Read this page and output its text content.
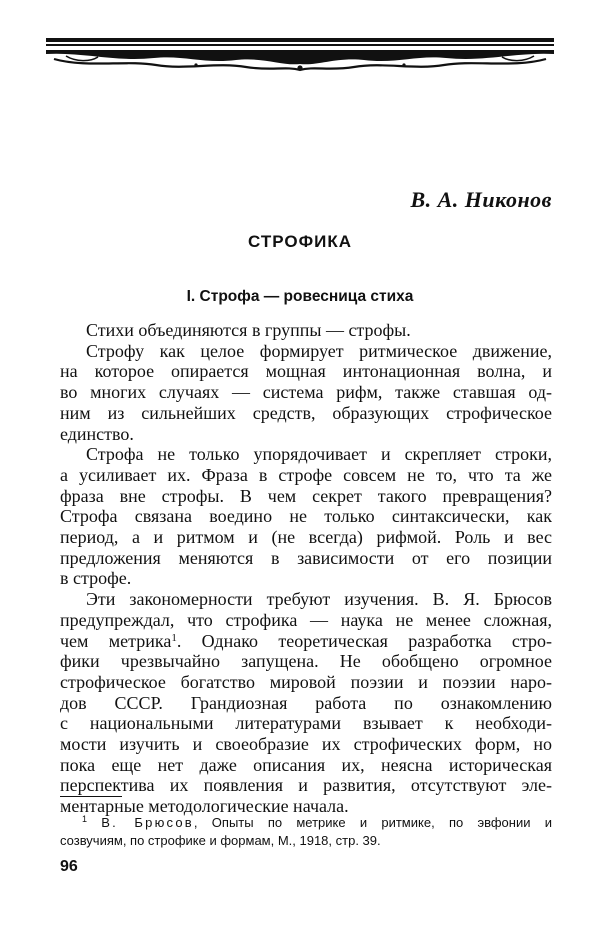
В. А. Никонов
СТРОФИКА
I. Строфа — ровесница стиха
Стихи объединяются в группы — строфы.
Строфу как целое формирует ритмическое движение,
на которое опирается мощная интонационная волна, и
во многих случаях — система рифм, также ставшая од-
ним из сильнейших средств, образующих строфическое
единство.
Строфа не только упорядочивает и скрепляет строки,
а усиливает их. Фраза в строфе совсем не то, что та же
фраза вне строфы. В чем секрет такого превращения?
Строфа связана воедино не только синтаксически, как
период, а и ритмом и (не всегда) рифмой. Роль и вес
предложения меняются в зависимости от его позиции
в строфе.
Эти закономерности требуют изучения. В. Я. Брюсов
предупреждал, что строфика — наука не менее сложная,
чем метрика$^1$. Однако теоретическая разработка стро-
фики чрезвычайно запущена. Не обобщено огромное
строфическое богатство мировой поэзии и поэзии наро-
дов СССР. Грандиозная работа по ознакомлению
с национальными литературами взывает к необходи-
мости изучить и своеобразие их строфических форм, но
пока еще нет даже описания их, неясна историческая
перспектива их появления и развития, отсутствуют эле-
ментарные методологические начала.
$^1$ В. Брюсов, Опыты по метрике и ритмике, по эвфонии и
созвучиям, по строфике и формам, М., 1918, стр. 39.
96
